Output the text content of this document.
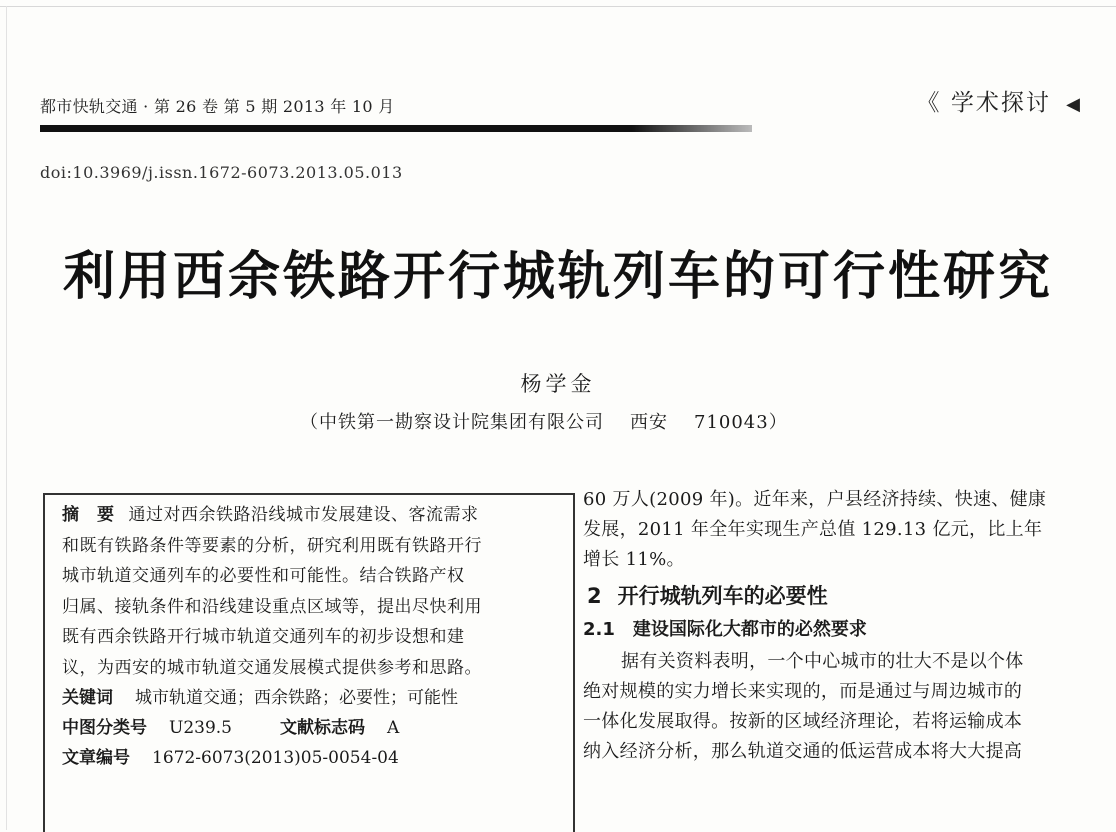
都市快轨交通 · 第 26 卷 第 5 期 2013 年 10 月	《 学术探讨 ◀
doi:10.3969/j.issn.1672-6073.2013.05.013
利用西余铁路开行城轨列车的可行性研究
杨学金
（中铁第一勘察设计院集团有限公司 西安 710043）
摘　要 通过对西余铁路沿线城市发展建设、客流需求
和既有铁路条件等要素的分析，研究利用既有铁路开行
城市轨道交通列车的必要性和可能性。结合铁路产权
归属、接轨条件和沿线建设重点区域等，提出尽快利用
既有西余铁路开行城市轨道交通列车的初步设想和建
议，为西安的城市轨道交通发展模式提供参考和思路。
关键词 城市轨道交通；西余铁路；必要性；可能性
中图分类号 U239.5	文献标志码 A
文章编号 1672-6073(2013)05-0054-04
60 万人(2009 年)。近年来，户县经济持续、快速、健康
发展，2011 年全年实现生产总值 129.13 亿元，比上年
增长 11%。
2 开行城轨列车的必要性
2.1 建设国际化大都市的必然要求
据有关资料表明，一个中心城市的壮大不是以个体
绝对规模的实力增长来实现的，而是通过与周边城市的
一体化发展取得。按新的区域经济理论，若将运输成本
纳入经济分析，那么轨道交通的低运营成本将大大提高
